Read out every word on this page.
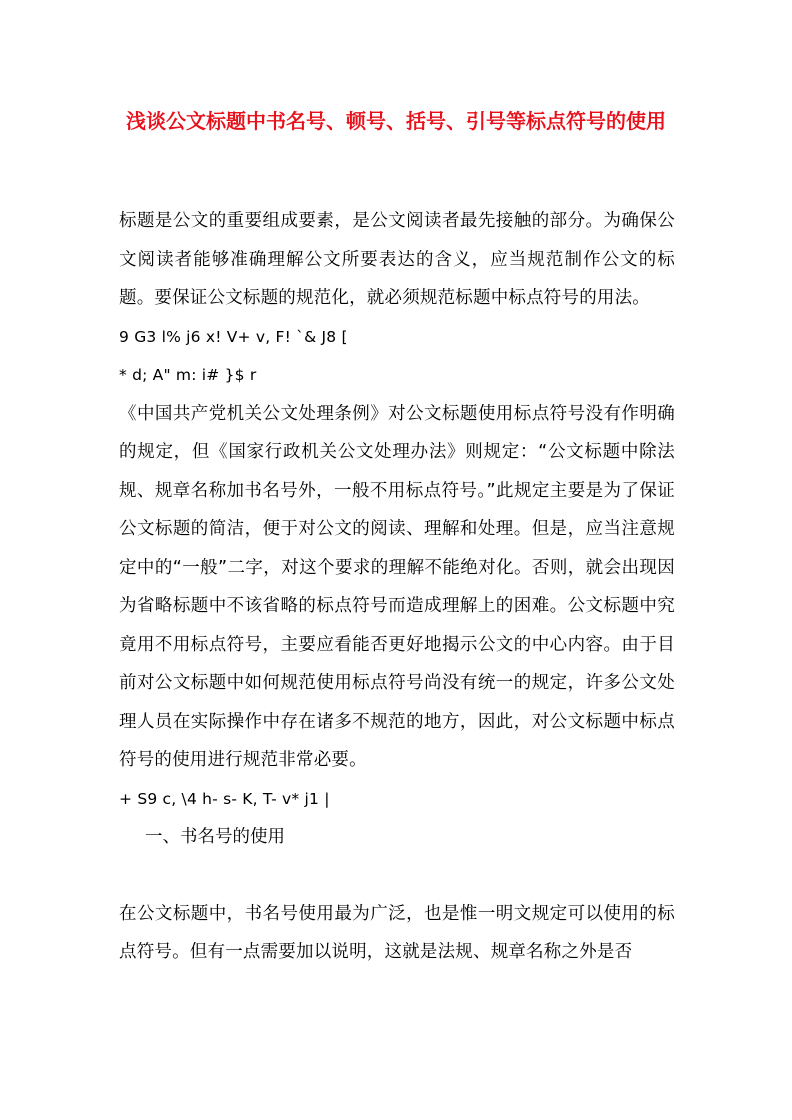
浅谈公文标题中书名号、顿号、括号、引号等标点符号的使用

标题是公文的重要组成要素，是公文阅读者最先接触的部分。为确保公文阅读者能够准确理解公文所要表达的含义，应当规范制作公文的标题。要保证公文标题的规范化，就必须规范标题中标点符号的用法。

9 G3 l% j6 x! V+ v, F! `& J8 [

* d; A" m: i# }$ r

《中国共产党机关公文处理条例》对公文标题使用标点符号没有作明确的规定，但《国家行政机关公文处理办法》则规定：“公文标题中除法规、规章名称加书名号外，一般不用标点符号。”此规定主要是为了保证公文标题的简洁，便于对公文的阅读、理解和处理。但是，应当注意规定中的“一般”二字，对这个要求的理解不能绝对化。否则，就会出现因为省略标题中不该省略的标点符号而造成理解上的困难。公文标题中究竟用不用标点符号，主要应看能否更好地揭示公文的中心内容。由于目前对公文标题中如何规范使用标点符号尚没有统一的规定，许多公文处理人员在实际操作中存在诸多不规范的地方，因此，对公文标题中标点符号的使用进行规范非常必要。

+ S9 c, \4 h- s- K, T- v* j1 |

一、书名号的使用

在公文标题中，书名号使用最为广泛，也是惟一明文规定可以使用的标点符号。但有一点需要加以说明，这就是法规、规章名称之外是否
